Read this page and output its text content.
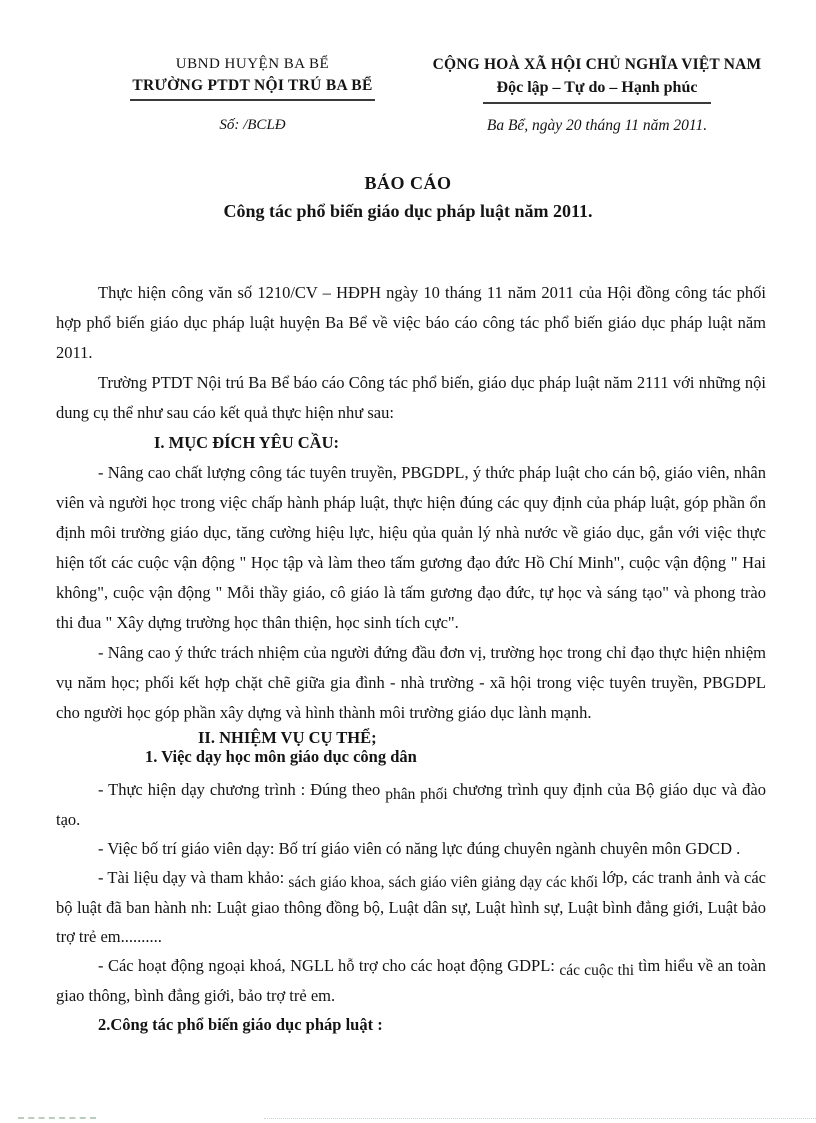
UBND HUYỆN BA BỂ
TRƯỜNG PTDT NỘI TRÚ BA BỂ
Số: /BCLĐ
CỘNG HOÀ XÃ HỘI CHỦ NGHĨA VIỆT NAM
Độc lập – Tự do – Hạnh phúc
Ba Bể, ngày 20 tháng 11 năm 2011.
BÁO CÁO
Công tác phổ biến giáo dục pháp luật năm 2011.

Thực hiện công văn số 1210/CV – HĐPH ngày 10 tháng 11 năm 2011 của Hội đồng công tác phối hợp phổ biến giáo dục pháp luật huyện Ba Bể về việc báo cáo công tác phổ biến giáo dục pháp luật năm 2011.

Trường PTDT Nội trú Ba Bể báo cáo Công tác phổ biến, giáo dục pháp luật năm 2111 với những nội dung cụ thể như sau cáo kết quả thực hiện như sau:

I. MỤC ĐÍCH YÊU CẦU:

- Nâng cao chất lượng công tác tuyên truyền, PBGDPL, ý thức pháp luật cho cán bộ, giáo viên, nhân viên và người học trong việc chấp hành pháp luật, thực hiện đúng các quy định của pháp luật, góp phần ổn định môi trường giáo dục, tăng cường hiệu lực, hiệu qủa quản lý nhà nước về giáo dục, gắn với việc thực hiện tốt các cuộc vận động " Học tập và làm theo tấm gương đạo đức Hồ Chí Minh", cuộc vận động " Hai không", cuộc vận động " Mỗi thầy giáo, cô giáo là tấm gương đạo đức, tự học và sáng tạo" và phong trào thi đua " Xây dựng trường học thân thiện, học sinh tích cực".

- Nâng cao ý thức trách nhiệm của người đứng đầu đơn vị, trường học trong chỉ đạo thực hiện nhiệm vụ năm học; phối kết hợp chặt chẽ giữa gia đình - nhà trường - xã hội trong việc tuyên truyền, PBGDPL cho người học góp phần xây dựng và hình thành môi trường giáo dục lành mạnh.

II. NHIỆM VỤ CỤ THỂ;

1. Việc dạy học môn giáo dục công dân

- Thực hiện dạy chương trình : Đúng theo phân phối chương trình quy định của Bộ giáo dục và đào tạo.

- Việc bố trí giáo viên dạy: Bố trí giáo viên có năng lực đúng chuyên ngành chuyên môn GDCD .

- Tài liệu dạy và tham khảo: sách giáo khoa, sách giáo viên giảng dạy các khối lớp, các tranh ảnh và các bộ luật đã ban hành nh: Luật giao thông đồng bộ, Luật dân sự, Luật hình sự, Luật bình đẳng giới, Luật bảo trợ trẻ em..........

- Các hoạt động ngoại khoá, NGLL hỗ trợ cho các hoạt động GDPL: các cuộc thi tìm hiểu về an toàn giao thông, bình đẳng giới, bảo trợ trẻ em.

2.Công tác phổ biến giáo dục pháp luật :
